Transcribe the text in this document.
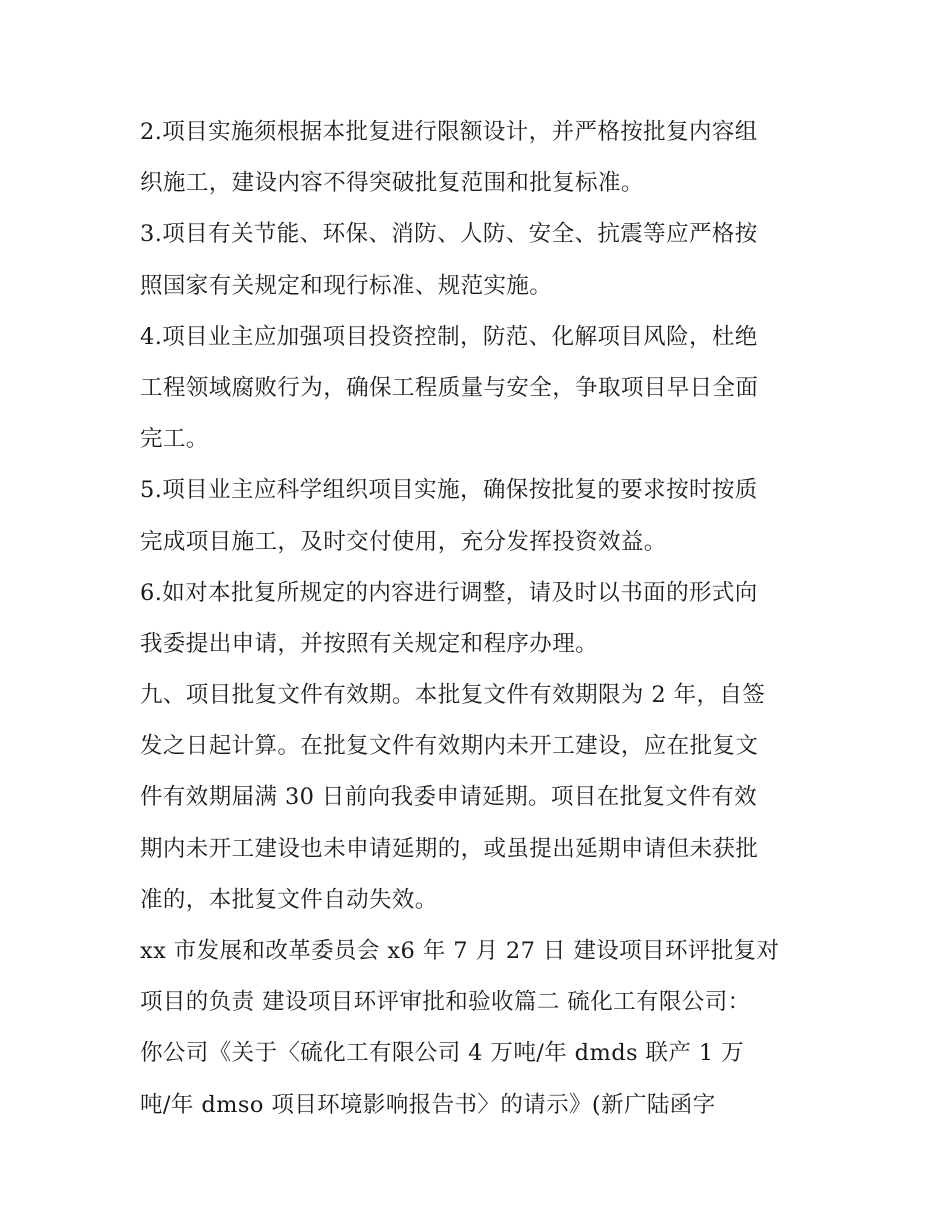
2.项目实施须根据本批复进行限额设计，并严格按批复内容组
织施工，建设内容不得突破批复范围和批复标准。
3.项目有关节能、环保、消防、人防、安全、抗震等应严格按
照国家有关规定和现行标准、规范实施。
4.项目业主应加强项目投资控制，防范、化解项目风险，杜绝
工程领域腐败行为，确保工程质量与安全，争取项目早日全面
完工。
5.项目业主应科学组织项目实施，确保按批复的要求按时按质
完成项目施工，及时交付使用，充分发挥投资效益。
6.如对本批复所规定的内容进行调整，请及时以书面的形式向
我委提出申请，并按照有关规定和程序办理。
九、项目批复文件有效期。本批复文件有效期限为 2 年，自签
发之日起计算。在批复文件有效期内未开工建设，应在批复文
件有效期届满 30 日前向我委申请延期。项目在批复文件有效
期内未开工建设也未申请延期的，或虽提出延期申请但未获批
准的，本批复文件自动失效。
xx 市发展和改革委员会 x6 年 7 月 27 日 建设项目环评批复对
项目的负责 建设项目环评审批和验收篇二 硫化工有限公司：
你公司《关于〈硫化工有限公司 4 万吨/年 dmds 联产 1 万
吨/年 dmso 项目环境影响报告书〉的请示》(新广陆函字
